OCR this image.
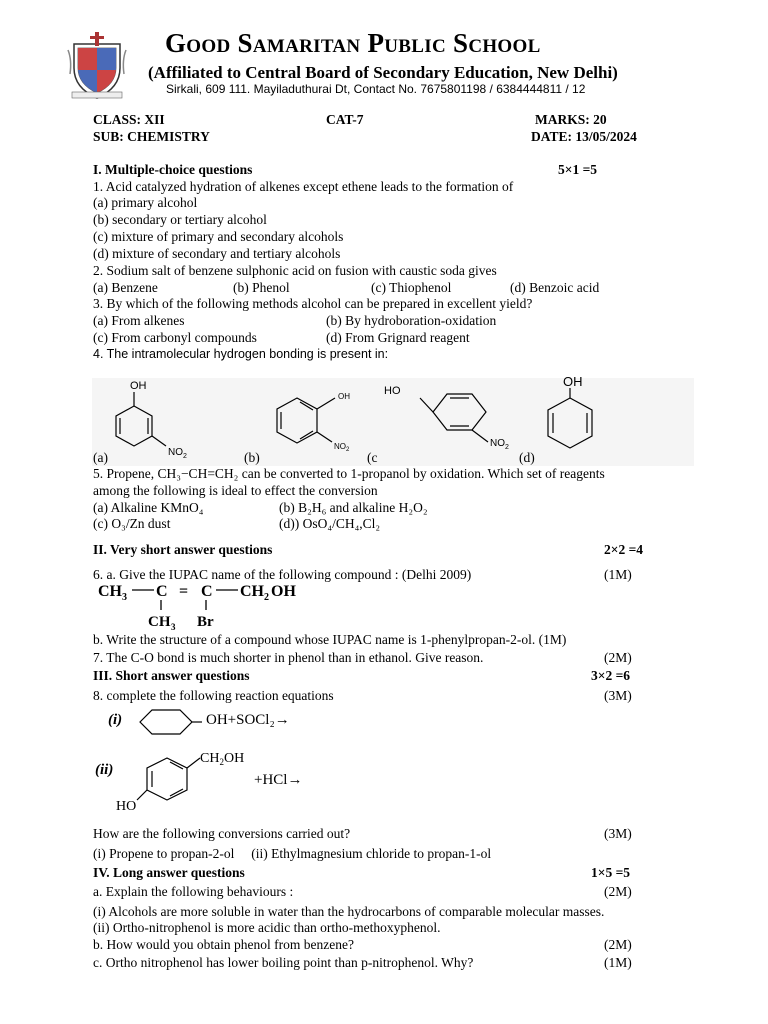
Good Samaritan Public School
(Affiliated to Central Board of Secondary Education, New Delhi)
Sirkali, 609 111. Mayiladuthurai Dt, Contact No. 7675801198 / 6384444811 / 12
CLASS: XII	CAT-7	MARKS: 20
SUB: CHEMISTRY	DATE: 13/05/2024
I. Multiple-choice questions	5×1 =5
1. Acid catalyzed hydration of alkenes except ethene leads to the formation of
(a) primary alcohol
(b) secondary or tertiary alcohol
(c) mixture of primary and secondary alcohols
(d) mixture of secondary and tertiary alcohols
2. Sodium salt of benzene sulphonic acid on fusion with caustic soda gives
(a) Benzene	(b) Phenol	(c) Thiophenol	(d) Benzoic acid
3. By which of the following methods alcohol can be prepared in excellent yield?
(a) From alkenes	(b) By hydroboration-oxidation
(c) From carbonyl compounds	(d) From Grignard reagent
4. The intramolecular hydrogen bonding is present in:
OH
$NO_2$
OH
$NO_2$
HO
$NO_2$
OH
(a)	(b)	(c	(d)
5. Propene, CH₃−CH=CH₂ can be converted to 1-propanol by oxidation. Which set of reagents
among the following is ideal to effect the conversion
(a) Alkaline KMnO₄	(b) B₂H₆ and alkaline H₂O₂
(c) O₃/Zn dust	(d)) OsO₄/CH₄,Cl₂
II. Very short answer questions	2×2 =4
6. a. Give the IUPAC name of the following compound : (Delhi 2009)	(1M)
CH 3 C = C CH 2 OH
CH 3 Br
b. Write the structure of a compound whose IUPAC name is 1-phenylpropan-2-ol. (1M)
7. The C-O bond is much shorter in phenol than in ethanol. Give reason.	(2M)
III. Short answer questions	3×2 =6
8. complete the following reaction equations	(3M)
(i)	OH+SOCl₂→
(ii)
$CH_2OH$
HO
+HCl→
How are the following conversions carried out?	(3M)
(i) Propene to propan-2-ol     (ii) Ethylmagnesium chloride to propan-1-ol
IV. Long answer questions	1×5 =5
a. Explain the following behaviours :	(2M)
(i) Alcohols are more soluble in water than the hydrocarbons of comparable molecular masses.
(ii) Ortho-nitrophenol is more acidic than ortho-methoxyphenol.
b. How would you obtain phenol from benzene?	(2M)
c. Ortho nitrophenol has lower boiling point than p-nitrophenol. Why?	(1M)
